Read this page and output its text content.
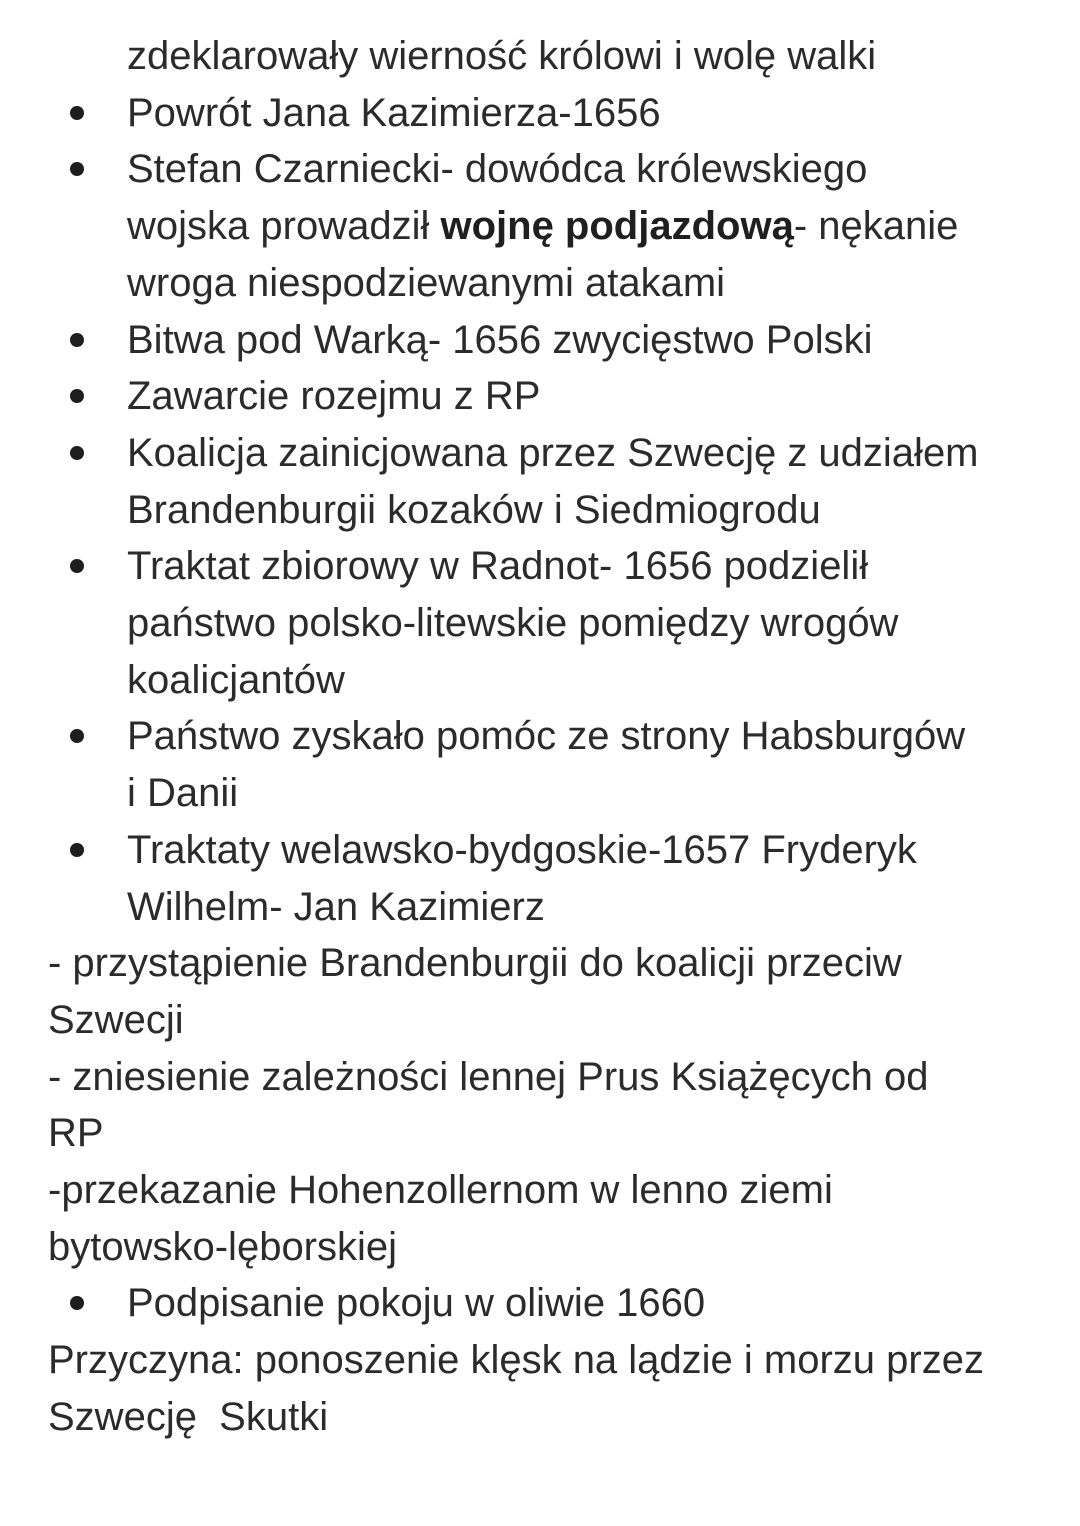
zdeklarowały wierność królowi i wolę walki
Powrót Jana Kazimierza-1656
Stefan Czarniecki- dowódca królewskiego
wojska prowadził wojnę podjazdową- nękanie
wroga niespodziewanymi atakami
Bitwa pod Warką- 1656 zwycięstwo Polski
Zawarcie rozejmu z RP
Koalicja zainicjowana przez Szwecję z udziałem
Brandenburgii kozaków i Siedmiogrodu
Traktat zbiorowy w Radnot- 1656 podzielił
państwo polsko-litewskie pomiędzy wrogów
koalicjantów
Państwo zyskało pomóc ze strony Habsburgów
i Danii
Traktaty welawsko-bydgoskie-1657 Fryderyk
Wilhelm- Jan Kazimierz
- przystąpienie Brandenburgii do koalicji przeciw
Szwecji
- zniesienie zależności lennej Prus Książęcych od
RP
-przekazanie Hohenzollernom w lenno ziemi
bytowsko-lęborskiej
Podpisanie pokoju w oliwie 1660
Przyczyna: ponoszenie klęsk na lądzie i morzu przez
Szwecję  Skutki
